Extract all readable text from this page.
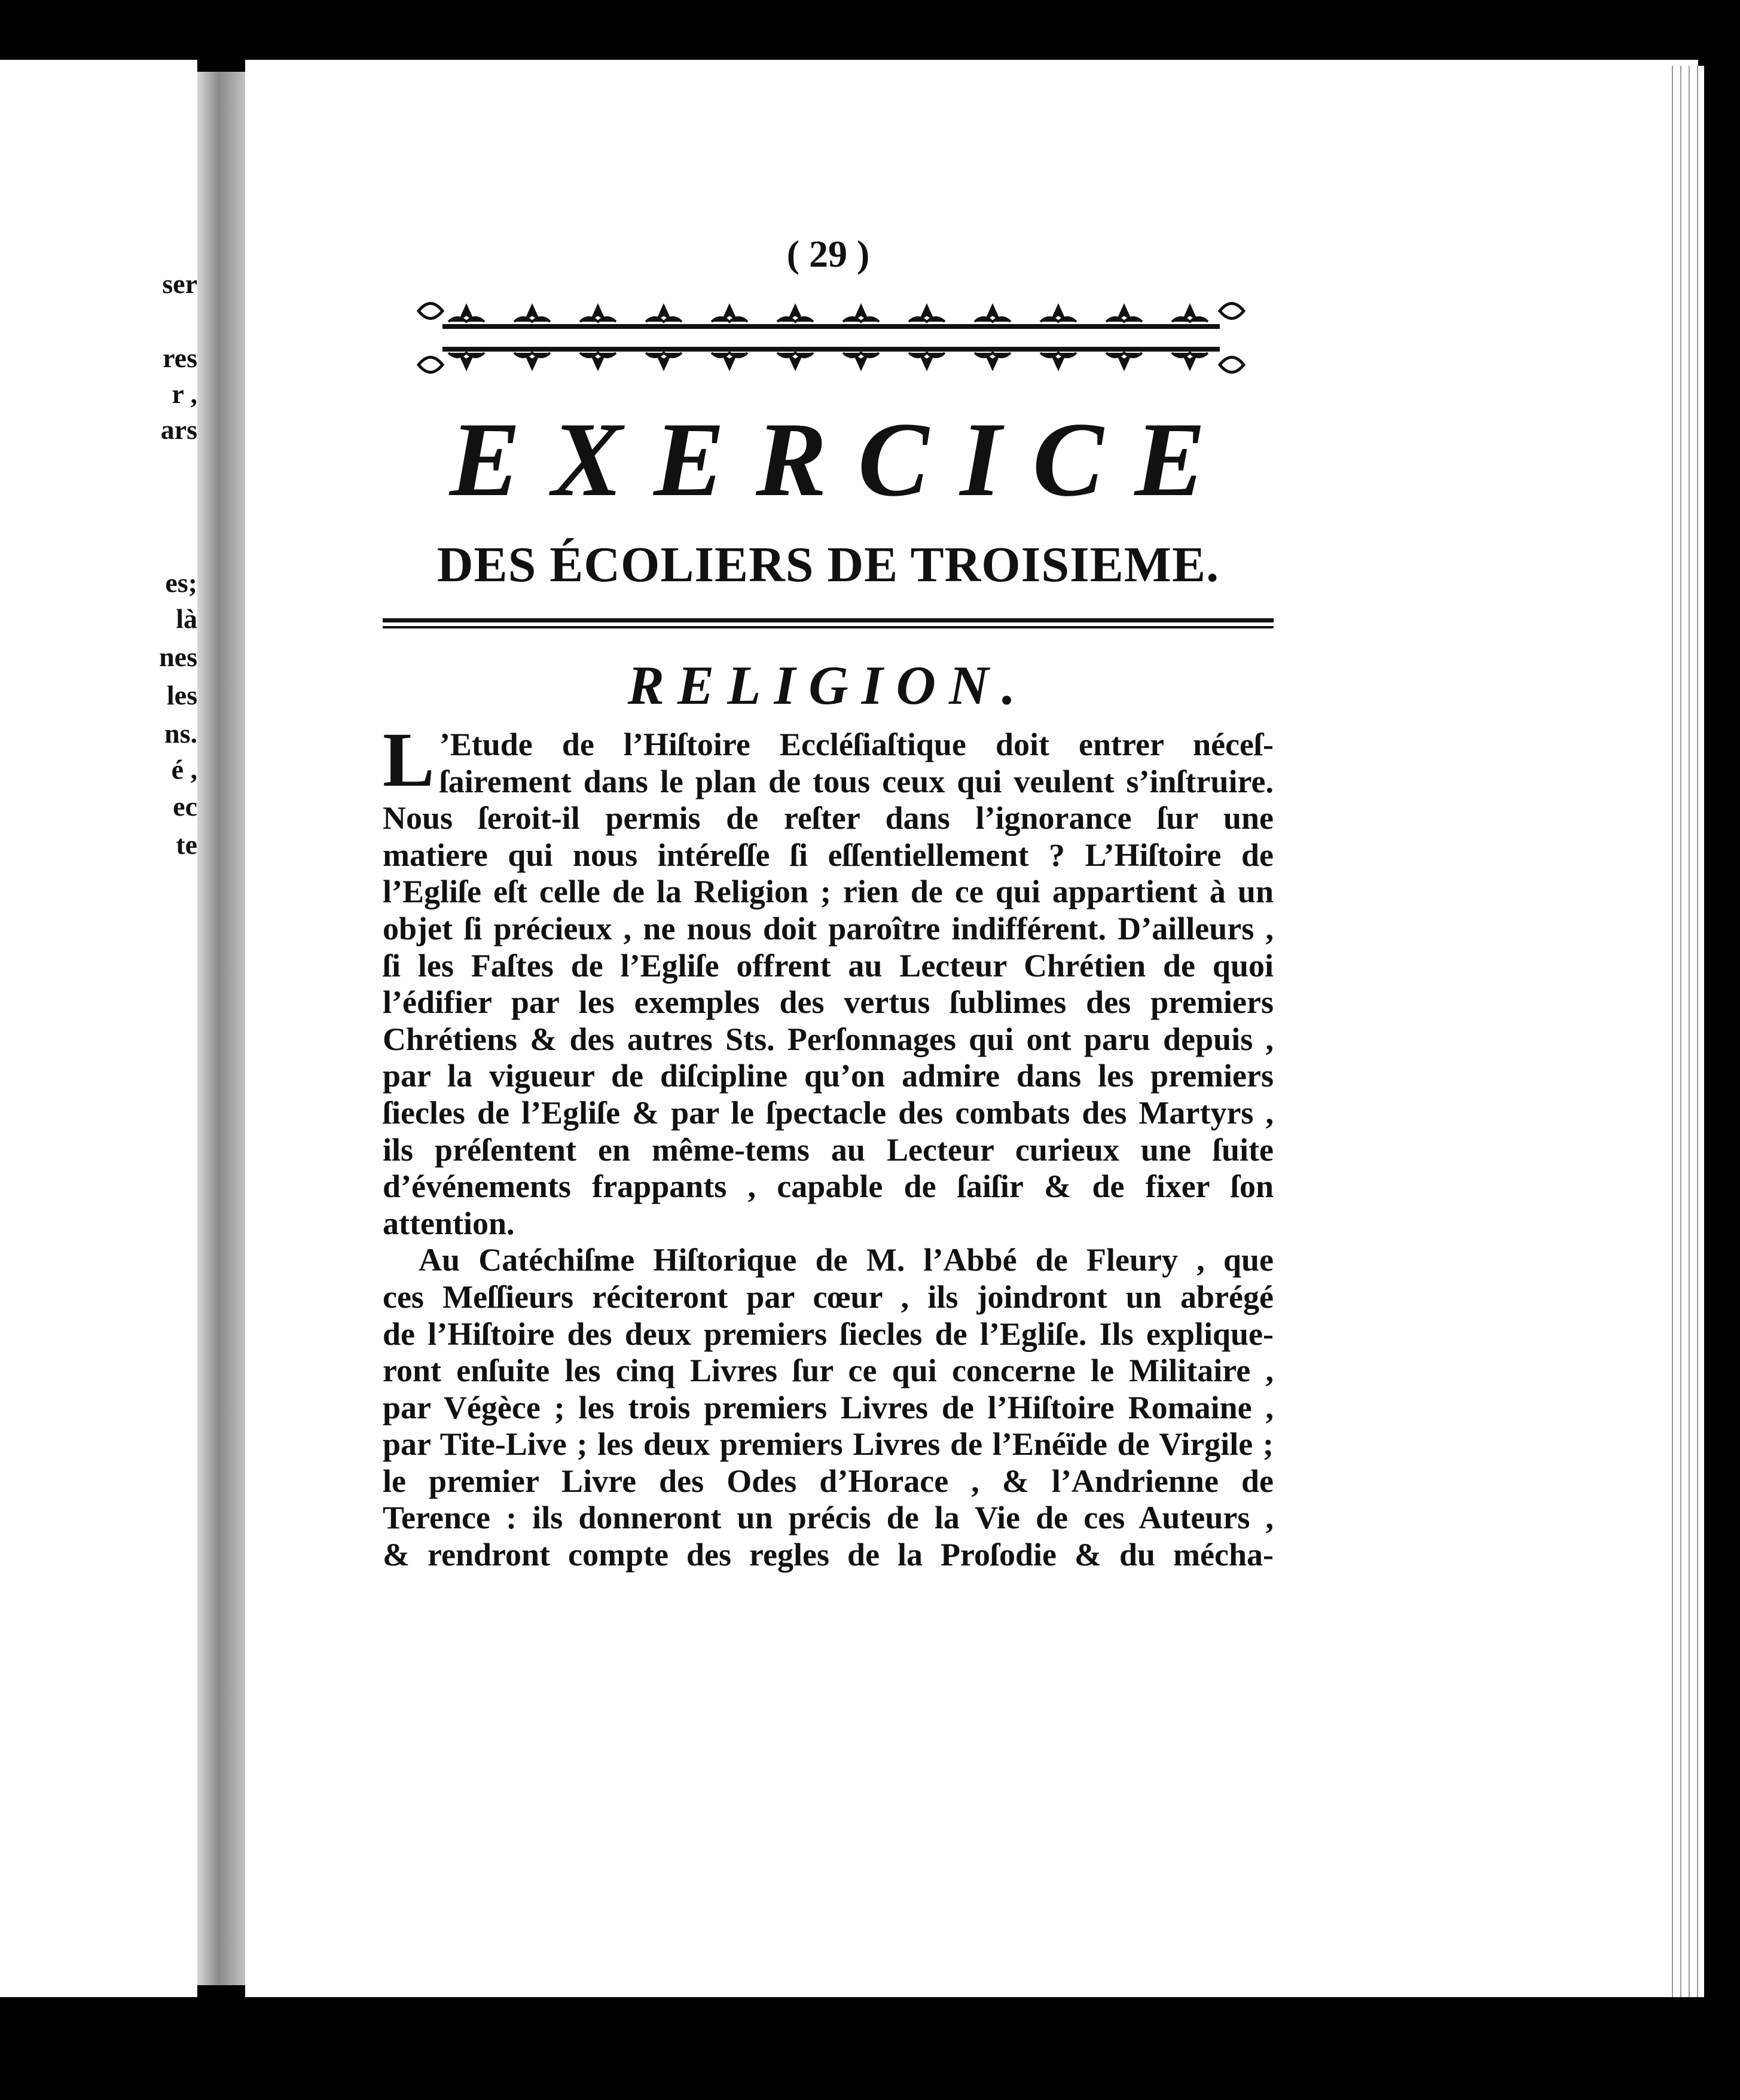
ser
res
r ,
ars
es;
là
nes
les
ns.
é ,
ec
te
( 29 )
EXERCICE
DES ÉCOLIERS DE TROISIEME.
RELIGION.
L ’Etude de l’Hiſtoire Eccléſiaſtique doit entrer néceſ-
ſairement dans le plan de tous ceux qui veulent s’inſtruire.
Nous ſeroit-il permis de reſter dans l’ignorance ſur une
matiere qui nous intéreſſe ſi eſſentiellement ? L’Hiſtoire de
l’Egliſe eſt celle de la Religion ; rien de ce qui appartient à un
objet ſi précieux , ne nous doit paroître indifférent. D’ailleurs ,
ſi les Faſtes de l’Egliſe offrent au Lecteur Chrétien de quoi
l’édifier par les exemples des vertus ſublimes des premiers
Chrétiens & des autres Sts. Perſonnages qui ont paru depuis ,
par la vigueur de diſcipline qu’on admire dans les premiers
ſiecles de l’Egliſe & par le ſpectacle des combats des Martyrs ,
ils préſentent en même-tems au Lecteur curieux une ſuite
d’événements frappants , capable de ſaiſir & de fixer ſon
attention.
Au Catéchiſme Hiſtorique de M. l’Abbé de Fleury , que
ces Meſſieurs réciteront par cœur , ils joindront un abrégé
de l’Hiſtoire des deux premiers ſiecles de l’Egliſe. Ils explique-
ront enſuite les cinq Livres ſur ce qui concerne le Militaire ,
par Végèce ; les trois premiers Livres de l’Hiſtoire Romaine ,
par Tite-Live ; les deux premiers Livres de l’Enéïde de Virgile ;
le premier Livre des Odes d’Horace , & l’Andrienne de
Terence : ils donneront un précis de la Vie de ces Auteurs ,
& rendront compte des regles de la Proſodie & du mécha-
